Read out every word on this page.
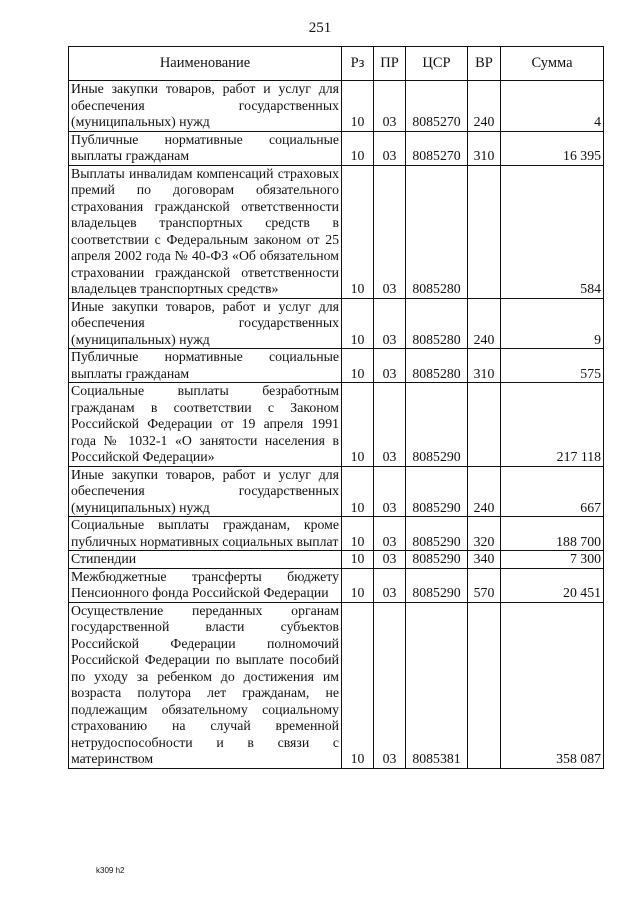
251
Наименование	Рз	ПР	ЦСР	ВР	Сумма
Иные закупки товаров, работ и услуг для обеспечения государственных (муниципальных) нужд	10	03	8085270	240	4
Публичные нормативные социальные выплаты гражданам	10	03	8085270	310	16 395
Выплаты инвалидам компенсаций страховых премий по договорам обязательного страхования гражданской ответственности владельцев транспортных средств в соответствии с Федеральным законом от 25 апреля 2002 года № 40-ФЗ «Об обязательном страховании гражданской ответственности владельцев транспортных средств»	10	03	8085280		584
Иные закупки товаров, работ и услуг для обеспечения государственных (муниципальных) нужд	10	03	8085280	240	9
Публичные нормативные социальные выплаты гражданам	10	03	8085280	310	575
Социальные выплаты безработным гражданам в соответствии с Законом Российской Федерации от 19 апреля 1991 года № 1032-1 «О занятости населения в Российской Федерации»	10	03	8085290		217 118
Иные закупки товаров, работ и услуг для обеспечения государственных (муниципальных) нужд	10	03	8085290	240	667
Социальные выплаты гражданам, кроме публичных нормативных социальных выплат	10	03	8085290	320	188 700
Стипендии	10	03	8085290	340	7 300
Межбюджетные трансферты бюджету Пенсионного фонда Российской Федерации	10	03	8085290	570	20 451
Осуществление переданных органам государственной власти субъектов Российской Федерации полномочий Российской Федерации по выплате пособий по уходу за ребенком до достижения им возраста полутора лет гражданам, не подлежащим обязательному социальному страхованию на случай временной нетрудоспособности и в связи с материнством	10	03	8085381		358 087
k309 h2
